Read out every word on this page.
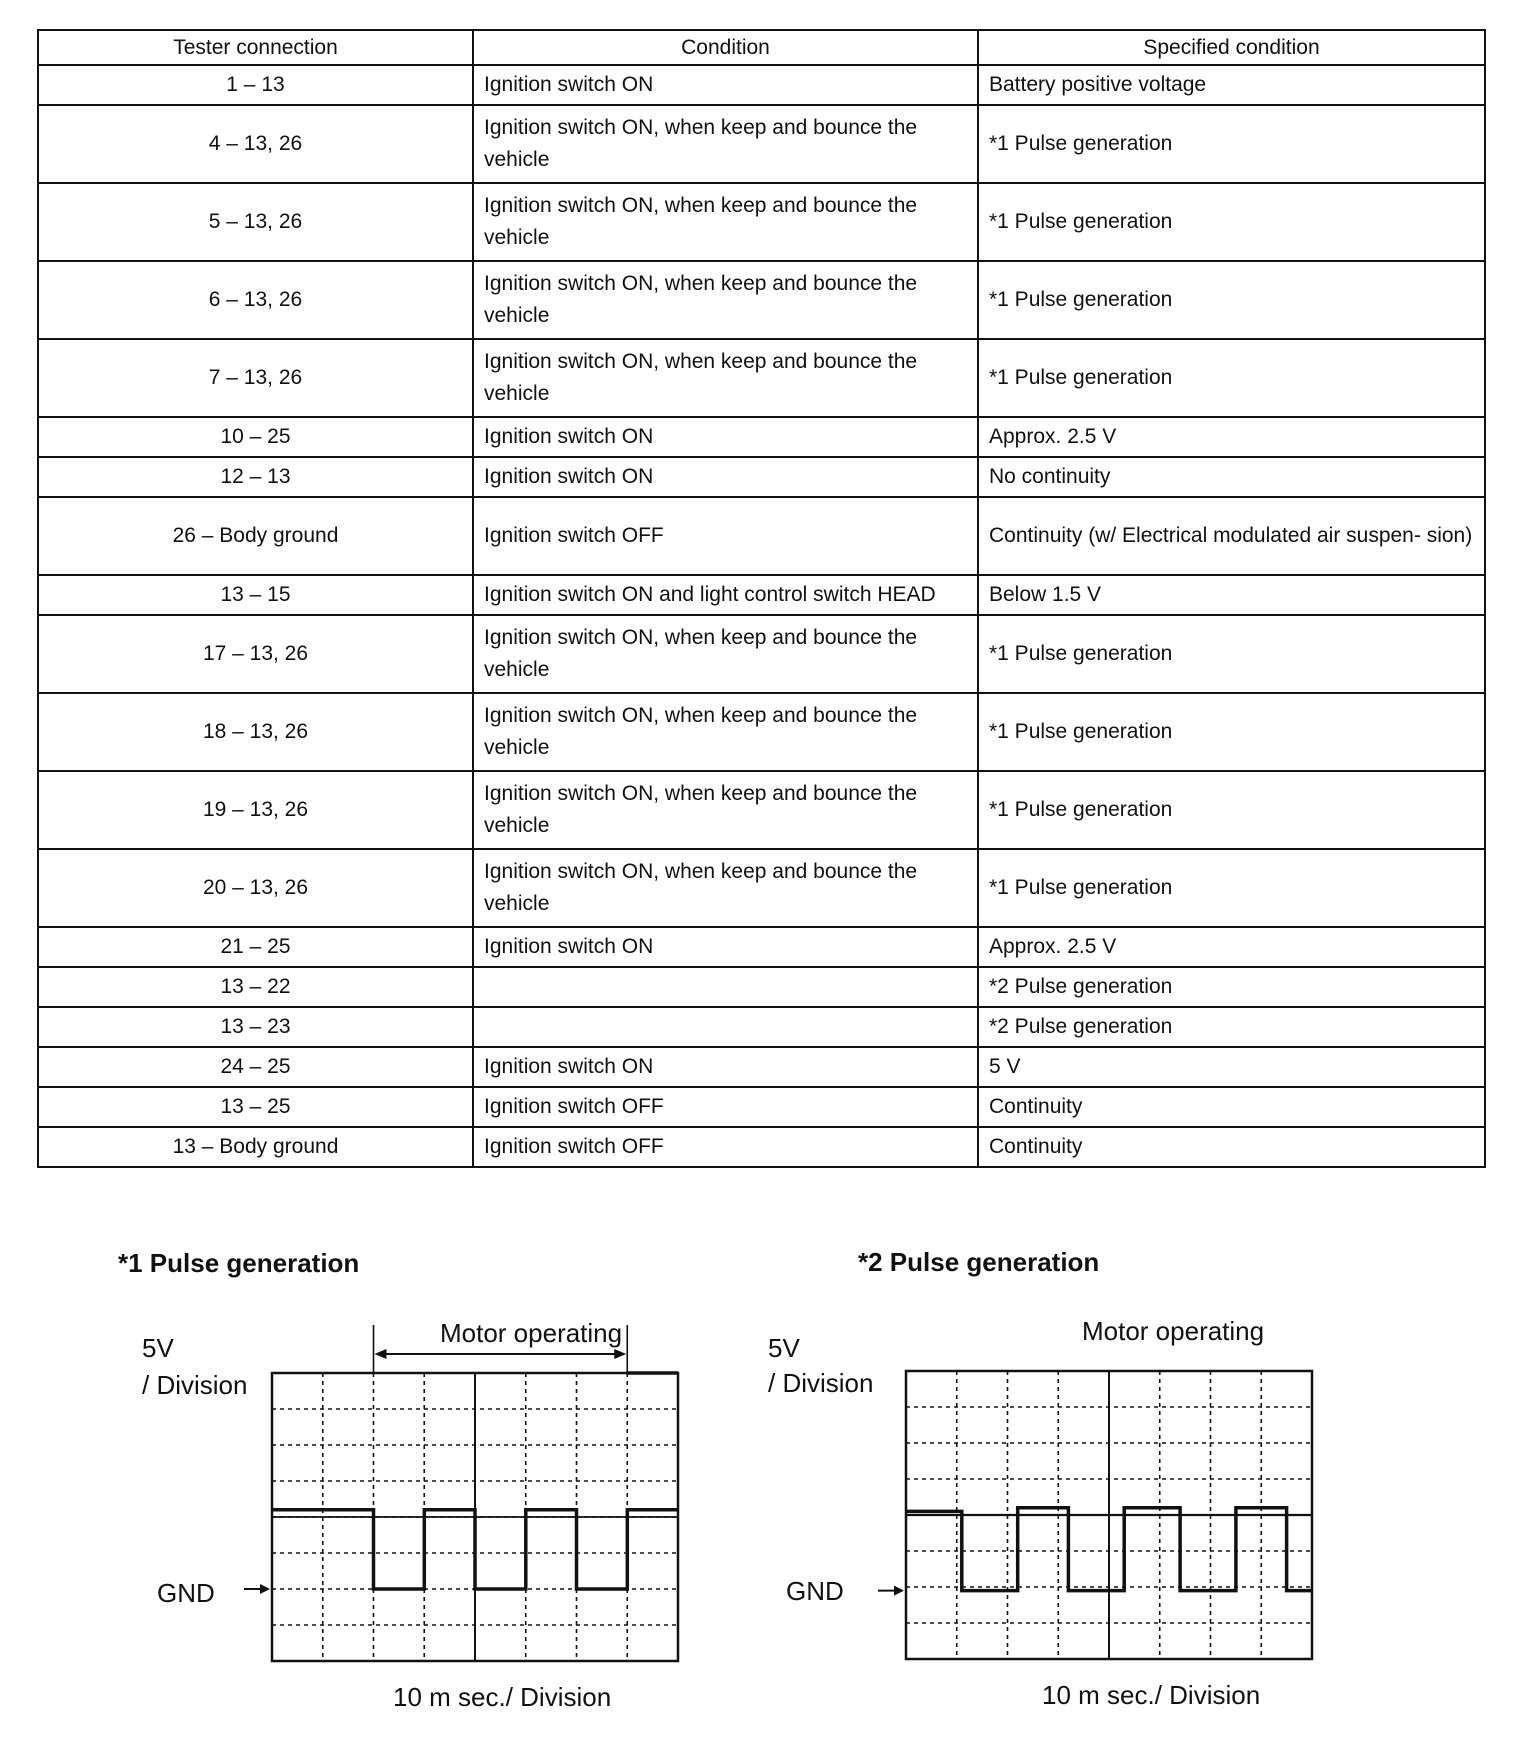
Tester connection	Condition	Specified condition
1 – 13	Ignition switch ON	Battery positive voltage
4 – 13, 26	Ignition switch ON, when keep and bounce the vehicle	*1 Pulse generation
5 – 13, 26	Ignition switch ON, when keep and bounce the vehicle	*1 Pulse generation
6 – 13, 26	Ignition switch ON, when keep and bounce the vehicle	*1 Pulse generation
7 – 13, 26	Ignition switch ON, when keep and bounce the vehicle	*1 Pulse generation
10 – 25	Ignition switch ON	Approx. 2.5 V
12 – 13	Ignition switch ON	No continuity
26 – Body ground	Ignition switch OFF	Continuity (w/ Electrical modulated air suspen- sion)
13 – 15	Ignition switch ON and light control switch HEAD	Below 1.5 V
17 – 13, 26	Ignition switch ON, when keep and bounce the vehicle	*1 Pulse generation
18 – 13, 26	Ignition switch ON, when keep and bounce the vehicle	*1 Pulse generation
19 – 13, 26	Ignition switch ON, when keep and bounce the vehicle	*1 Pulse generation
20 – 13, 26	Ignition switch ON, when keep and bounce the vehicle	*1 Pulse generation
21 – 25	Ignition switch ON	Approx. 2.5 V
13 – 22		*2 Pulse generation
13 – 23		*2 Pulse generation
24 – 25	Ignition switch ON	5 V
13 – 25	Ignition switch OFF	Continuity
13 – Body ground	Ignition switch OFF	Continuity
*1 Pulse generation
5V
/ Division
Motor operating
GND
10 m sec./ Division
*2 Pulse generation
5V
/ Division
Motor operating
GND
10 m sec./ Division
